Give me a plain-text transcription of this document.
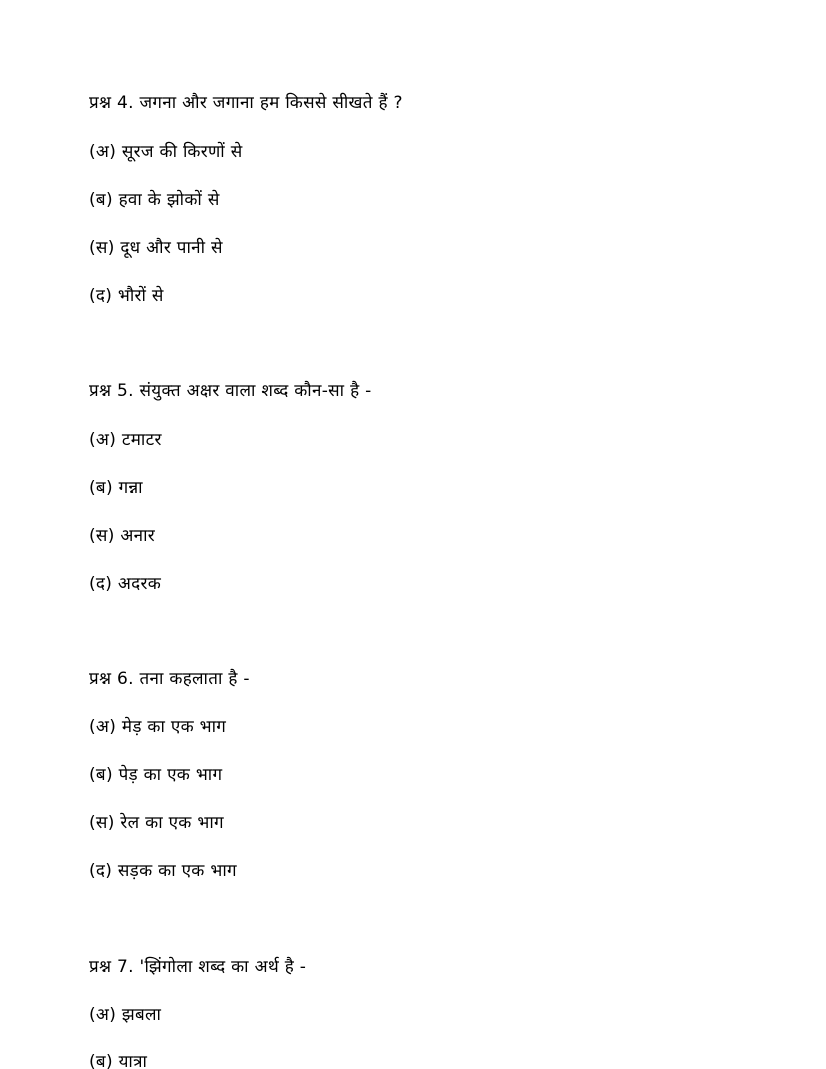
प्रश्न 4. जगना और जगाना हम किससे सीखते हैं ?
(अ) सूरज की किरणों से
(ब) हवा के झोकों से
(स) दूध और पानी से
(द) भौरों से
प्रश्न 5. संयुक्त अक्षर वाला शब्द कौन-सा है -
(अ) टमाटर
(ब) गन्ना
(स) अनार
(द) अदरक
प्रश्न 6. तना कहलाता है -
(अ) मेड़ का एक भाग
(ब) पेड़ का एक भाग
(स) रेल का एक भाग
(द) सड़क का एक भाग
प्रश्न 7. 'झिंगोला शब्द का अर्थ है -
(अ) झबला
(ब) यात्रा
